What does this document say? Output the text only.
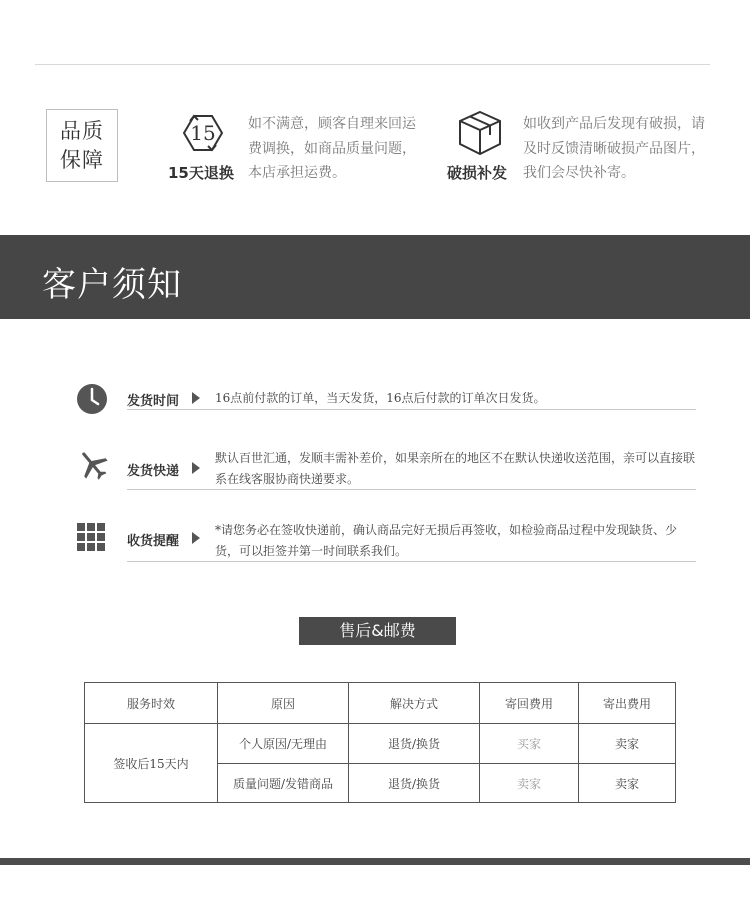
品质
保障
15
15天退换
如不满意，顾客自理来回运费调换，如商品质量问题，本店承担运费。	破损补发
如收到产品后发现有破损，请及时反馈清晰破损产品图片，我们会尽快补寄。
客户须知
发货时间	16点前付款的订单，当天发货，16点后付款的订单次日发货。
发货快递
默认百世汇通，发顺丰需补差价，如果亲所在的地区不在默认快递收送范围，亲可以直接联系在线客服协商快递要求。
收货提醒
*请您务必在签收快递前，确认商品完好无损后再签收，如检验商品过程中发现缺货、少货，可以拒签并第一时间联系我们。
售后&邮费
服务时效	原因	解决方式	寄回费用	寄出费用
签收后15天内	个人原因/无理由	退货/换货	买家	卖家
	质量问题/发错商品	退货/换货	卖家	卖家
